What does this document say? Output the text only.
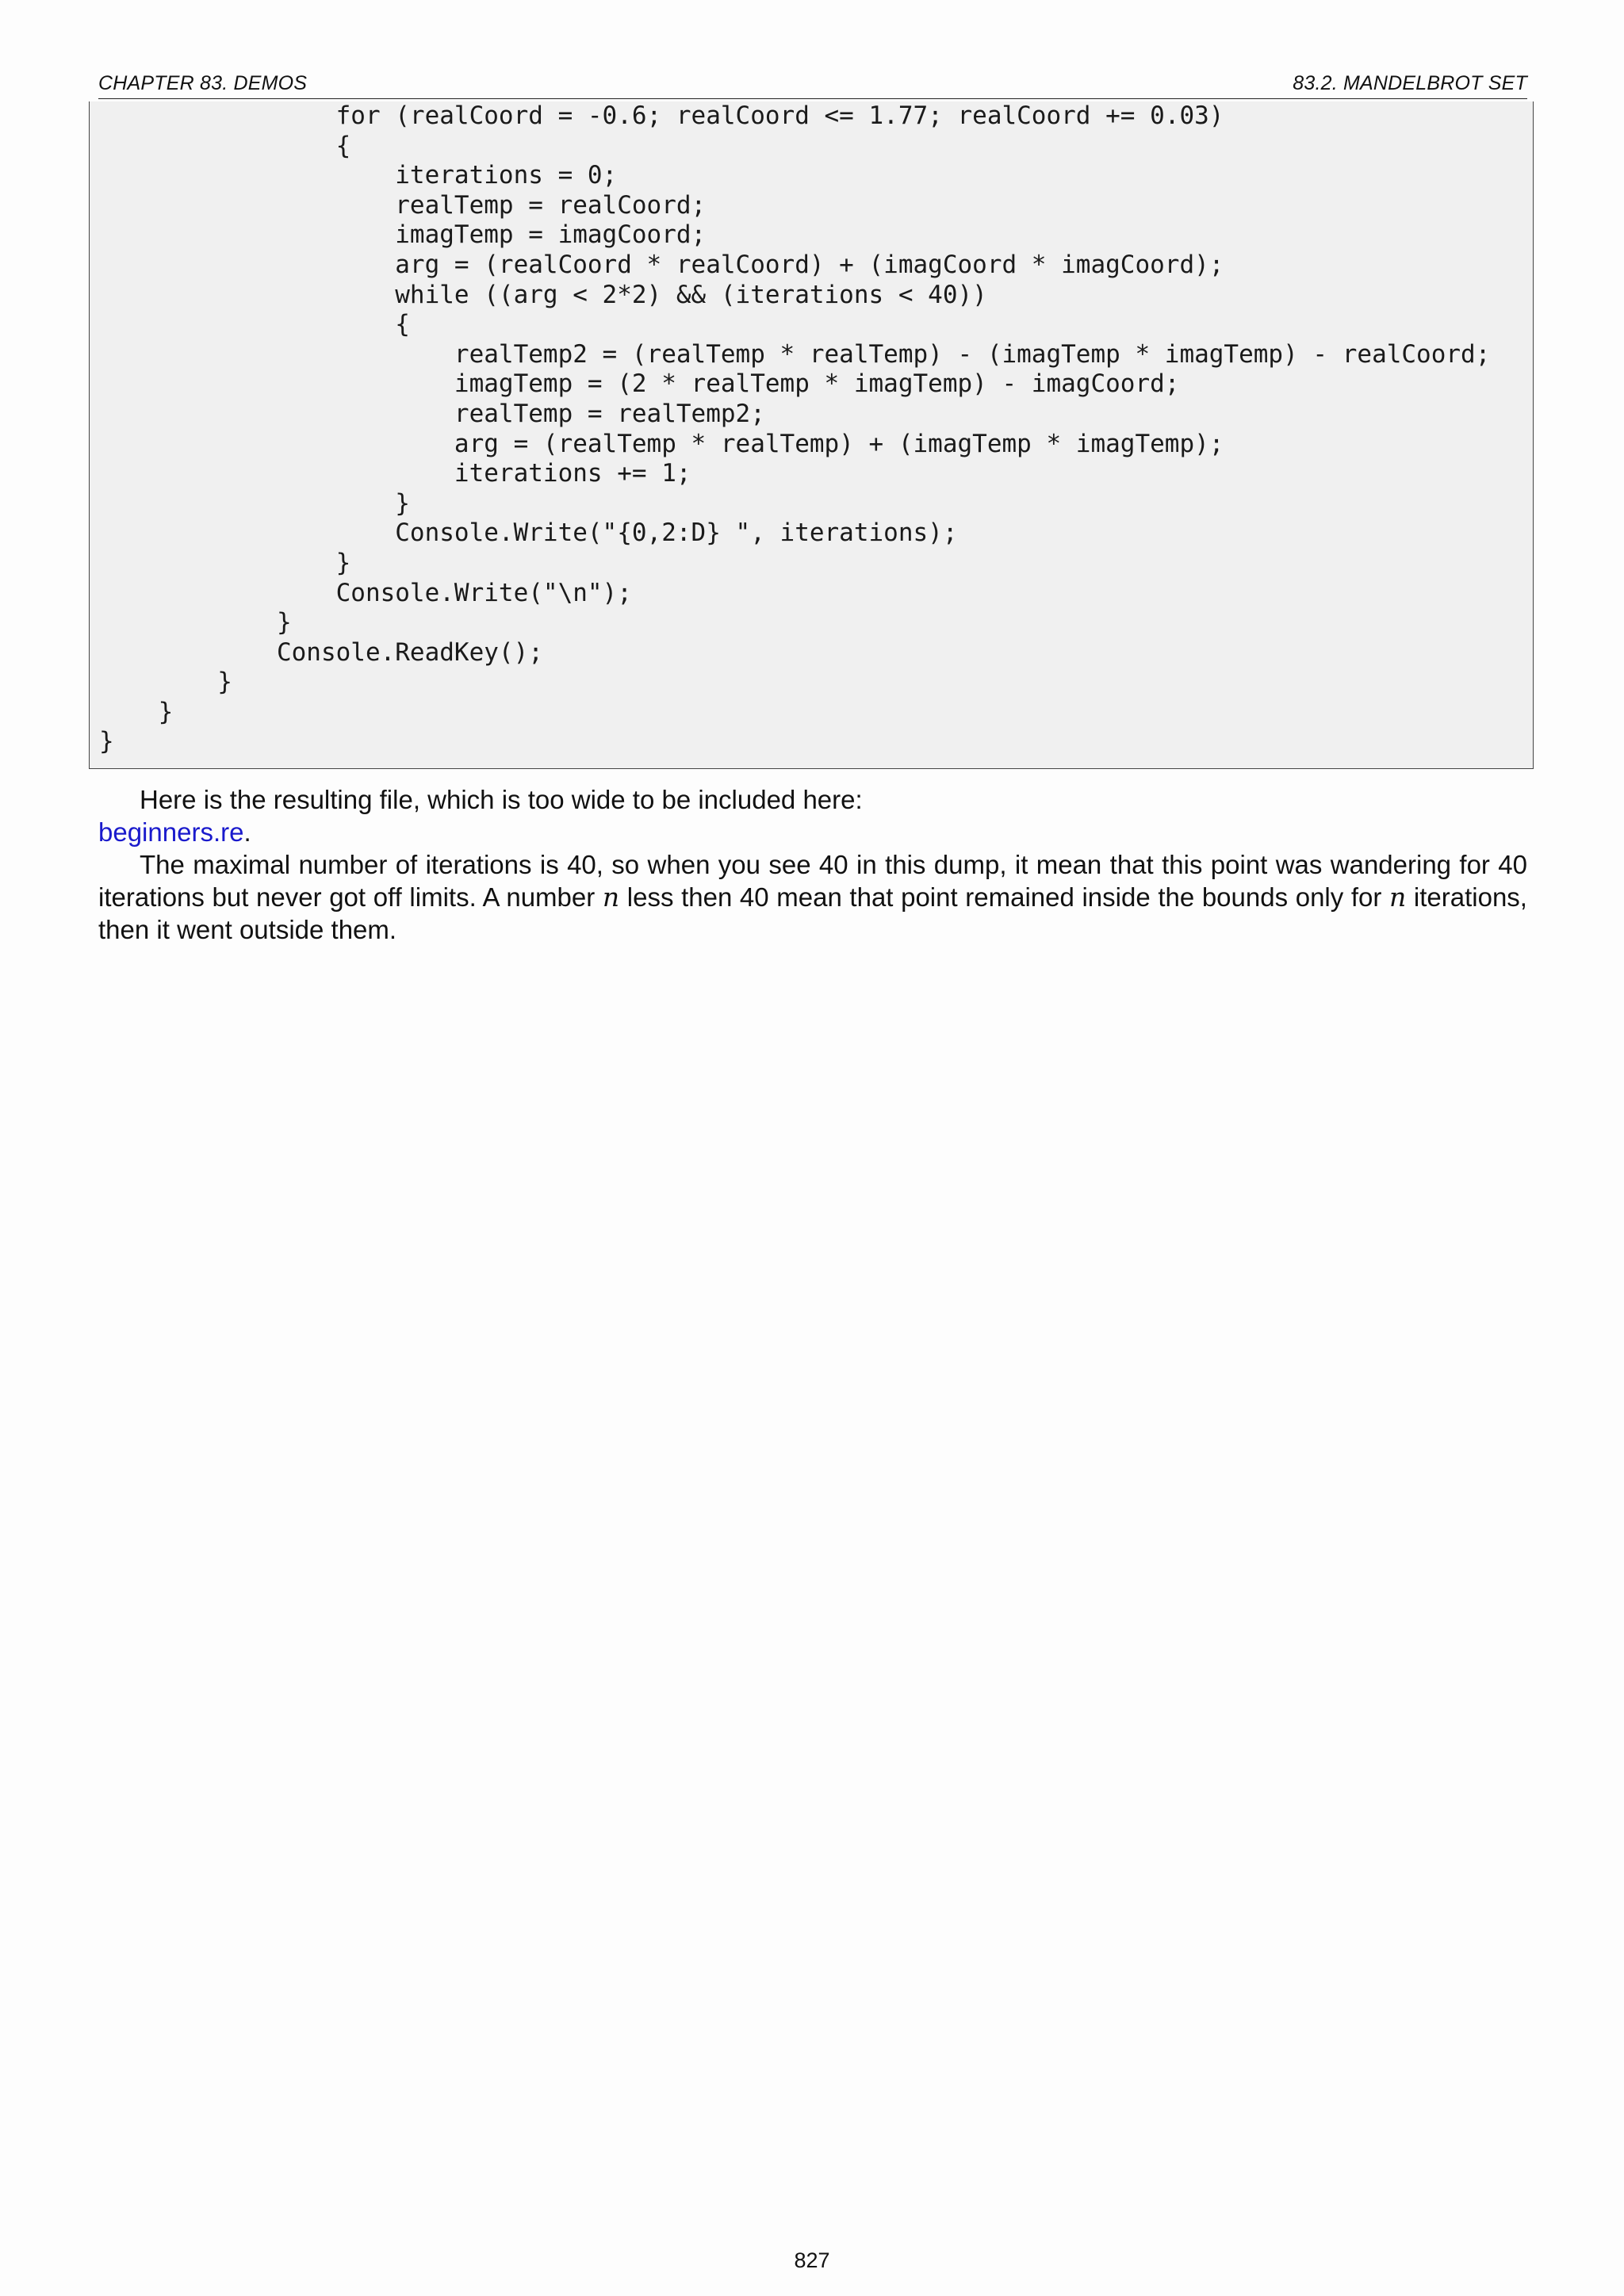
CHAPTER 83. DEMOS	83.2. MANDELBROT SET
for (realCoord = -0.6; realCoord <= 1.77; realCoord += 0.03)
{
iterations = 0;
realTemp = realCoord;
imagTemp = imagCoord;
arg = (realCoord * realCoord) + (imagCoord * imagCoord);
while ((arg < 2*2) && (iterations < 40))
{
realTemp2 = (realTemp * realTemp) - (imagTemp * imagTemp) - realCoord;
imagTemp = (2 * realTemp * imagTemp) - imagCoord;
realTemp = realTemp2;
arg = (realTemp * realTemp) + (imagTemp * imagTemp);
iterations += 1;
}
Console.Write("{0,2:D} ", iterations);
}
Console.Write("\n");
}
Console.ReadKey();
}
}
}

Here is the resulting file, which is too wide to be included here:

beginners.re.

The maximal number of iterations is 40, so when you see 40 in this dump, it mean that this point was wandering for 40 iterations but never got off limits. A number n less then 40 mean that point remained inside the bounds only for n iterations, then it went outside them.

827
